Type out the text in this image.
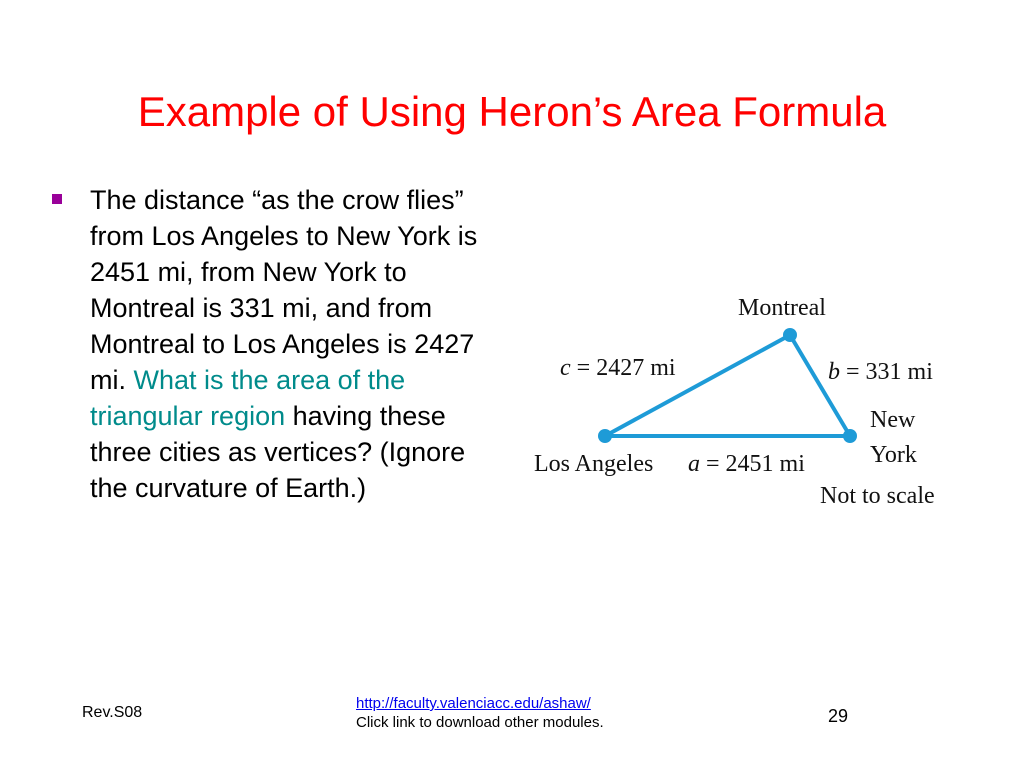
Example of Using Heron’s Area Formula

The distance “as the crow flies” from Los Angeles to New York is 2451 mi, from New York to Montreal is 331 mi, and from Montreal to Los Angeles is 2427 mi. What is the area of the triangular region having these three cities as vertices? (Ignore the curvature of Earth.)

Montreal
c = 2427 mi	b = 331 mi
New
York
Los Angeles a = 2451 mi
Not to scale
Rev.S08
http://faculty.valenciacc.edu/ashaw/
Click link to download other modules.	29
